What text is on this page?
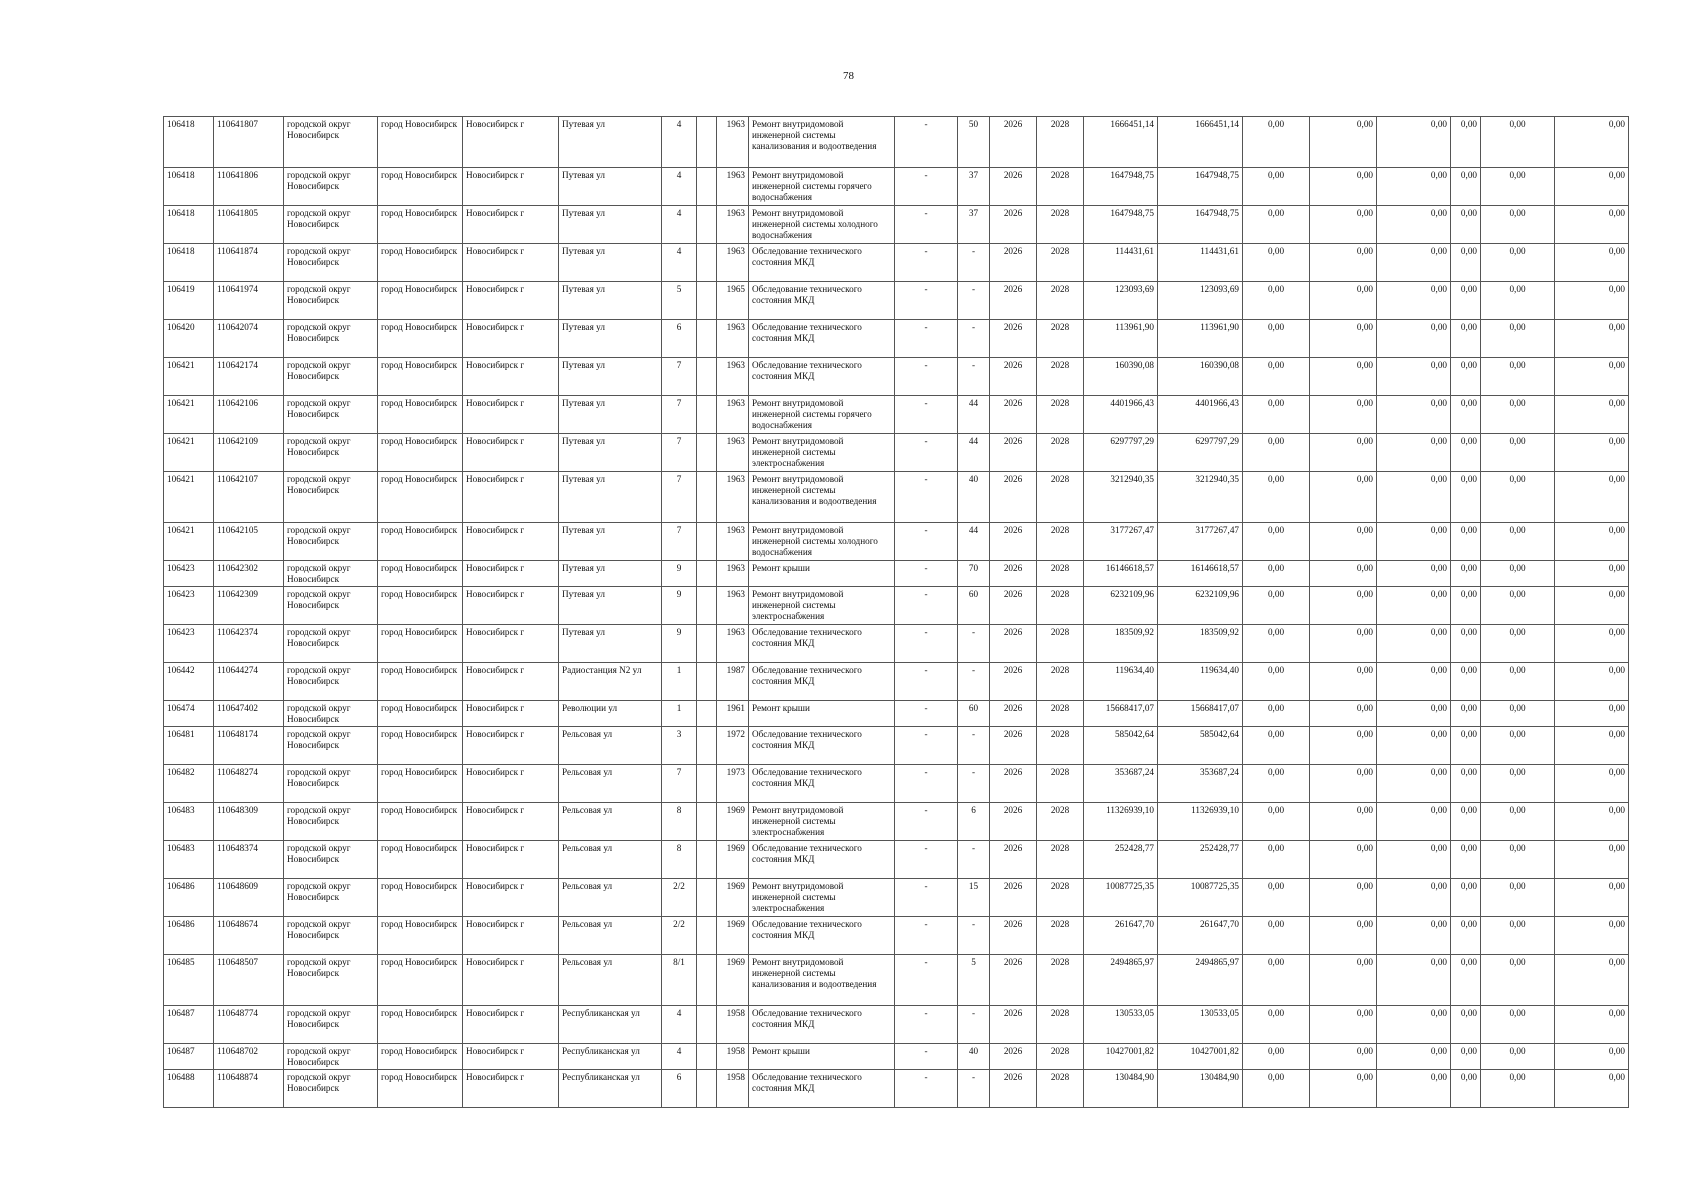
78
106418	110641807	городской округ Новосибирск	город Новосибирск	Новосибирск г	Путевая ул	4		1963	Ремонт внутридомовой инженерной системы канализования и водоотведения	-	50	2026	2028	1666451,14	1666451,14	0,00	0,00	0,00	0,00	0,00	0,00
106418	110641806	городской округ Новосибирск	город Новосибирск	Новосибирск г	Путевая ул	4		1963	Ремонт внутридомовой инженерной системы горячего водоснабжения	-	37	2026	2028	1647948,75	1647948,75	0,00	0,00	0,00	0,00	0,00	0,00
106418	110641805	городской округ Новосибирск	город Новосибирск	Новосибирск г	Путевая ул	4		1963	Ремонт внутридомовой инженерной системы холодного водоснабжения	-	37	2026	2028	1647948,75	1647948,75	0,00	0,00	0,00	0,00	0,00	0,00
106418	110641874	городской округ Новосибирск	город Новосибирск	Новосибирск г	Путевая ул	4		1963	Обследование технического состояния МКД	-	-	2026	2028	114431,61	114431,61	0,00	0,00	0,00	0,00	0,00	0,00
106419	110641974	городской округ Новосибирск	город Новосибирск	Новосибирск г	Путевая ул	5		1965	Обследование технического состояния МКД	-	-	2026	2028	123093,69	123093,69	0,00	0,00	0,00	0,00	0,00	0,00
106420	110642074	городской округ Новосибирск	город Новосибирск	Новосибирск г	Путевая ул	6		1963	Обследование технического состояния МКД	-	-	2026	2028	113961,90	113961,90	0,00	0,00	0,00	0,00	0,00	0,00
106421	110642174	городской округ Новосибирск	город Новосибирск	Новосибирск г	Путевая ул	7		1963	Обследование технического состояния МКД	-	-	2026	2028	160390,08	160390,08	0,00	0,00	0,00	0,00	0,00	0,00
106421	110642106	городской округ Новосибирск	город Новосибирск	Новосибирск г	Путевая ул	7		1963	Ремонт внутридомовой инженерной системы горячего водоснабжения	-	44	2026	2028	4401966,43	4401966,43	0,00	0,00	0,00	0,00	0,00	0,00
106421	110642109	городской округ Новосибирск	город Новосибирск	Новосибирск г	Путевая ул	7		1963	Ремонт внутридомовой инженерной системы электроснабжения	-	44	2026	2028	6297797,29	6297797,29	0,00	0,00	0,00	0,00	0,00	0,00
106421	110642107	городской округ Новосибирск	город Новосибирск	Новосибирск г	Путевая ул	7		1963	Ремонт внутридомовой инженерной системы канализования и водоотведения	-	40	2026	2028	3212940,35	3212940,35	0,00	0,00	0,00	0,00	0,00	0,00
106421	110642105	городской округ Новосибирск	город Новосибирск	Новосибирск г	Путевая ул	7		1963	Ремонт внутридомовой инженерной системы холодного водоснабжения	-	44	2026	2028	3177267,47	3177267,47	0,00	0,00	0,00	0,00	0,00	0,00
106423	110642302	городской округ Новосибирск	город Новосибирск	Новосибирск г	Путевая ул	9		1963	Ремонт крыши	-	70	2026	2028	16146618,57	16146618,57	0,00	0,00	0,00	0,00	0,00	0,00
106423	110642309	городской округ Новосибирск	город Новосибирск	Новосибирск г	Путевая ул	9		1963	Ремонт внутридомовой инженерной системы электроснабжения	-	60	2026	2028	6232109,96	6232109,96	0,00	0,00	0,00	0,00	0,00	0,00
106423	110642374	городской округ Новосибирск	город Новосибирск	Новосибирск г	Путевая ул	9		1963	Обследование технического состояния МКД	-	-	2026	2028	183509,92	183509,92	0,00	0,00	0,00	0,00	0,00	0,00
106442	110644274	городской округ Новосибирск	город Новосибирск	Новосибирск г	Радиостанция N2 ул	1		1987	Обследование технического состояния МКД	-	-	2026	2028	119634,40	119634,40	0,00	0,00	0,00	0,00	0,00	0,00
106474	110647402	городской округ Новосибирск	город Новосибирск	Новосибирск г	Революции ул	1		1961	Ремонт крыши	-	60	2026	2028	15668417,07	15668417,07	0,00	0,00	0,00	0,00	0,00	0,00
106481	110648174	городской округ Новосибирск	город Новосибирск	Новосибирск г	Рельсовая ул	3		1972	Обследование технического состояния МКД	-	-	2026	2028	585042,64	585042,64	0,00	0,00	0,00	0,00	0,00	0,00
106482	110648274	городской округ Новосибирск	город Новосибирск	Новосибирск г	Рельсовая ул	7		1973	Обследование технического состояния МКД	-	-	2026	2028	353687,24	353687,24	0,00	0,00	0,00	0,00	0,00	0,00
106483	110648309	городской округ Новосибирск	город Новосибирск	Новосибирск г	Рельсовая ул	8		1969	Ремонт внутридомовой инженерной системы электроснабжения	-	6	2026	2028	11326939,10	11326939,10	0,00	0,00	0,00	0,00	0,00	0,00
106483	110648374	городской округ Новосибирск	город Новосибирск	Новосибирск г	Рельсовая ул	8		1969	Обследование технического состояния МКД	-	-	2026	2028	252428,77	252428,77	0,00	0,00	0,00	0,00	0,00	0,00
106486	110648609	городской округ Новосибирск	город Новосибирск	Новосибирск г	Рельсовая ул	2/2		1969	Ремонт внутридомовой инженерной системы электроснабжения	-	15	2026	2028	10087725,35	10087725,35	0,00	0,00	0,00	0,00	0,00	0,00
106486	110648674	городской округ Новосибирск	город Новосибирск	Новосибирск г	Рельсовая ул	2/2		1969	Обследование технического состояния МКД	-	-	2026	2028	261647,70	261647,70	0,00	0,00	0,00	0,00	0,00	0,00
106485	110648507	городской округ Новосибирск	город Новосибирск	Новосибирск г	Рельсовая ул	8/1		1969	Ремонт внутридомовой инженерной системы канализования и водоотведения	-	5	2026	2028	2494865,97	2494865,97	0,00	0,00	0,00	0,00	0,00	0,00
106487	110648774	городской округ Новосибирск	город Новосибирск	Новосибирск г	Республиканская ул	4		1958	Обследование технического состояния МКД	-	-	2026	2028	130533,05	130533,05	0,00	0,00	0,00	0,00	0,00	0,00
106487	110648702	городской округ Новосибирск	город Новосибирск	Новосибирск г	Республиканская ул	4		1958	Ремонт крыши	-	40	2026	2028	10427001,82	10427001,82	0,00	0,00	0,00	0,00	0,00	0,00
106488	110648874	городской округ Новосибирск	город Новосибирск	Новосибирск г	Республиканская ул	6		1958	Обследование технического состояния МКД	-	-	2026	2028	130484,90	130484,90	0,00	0,00	0,00	0,00	0,00	0,00
